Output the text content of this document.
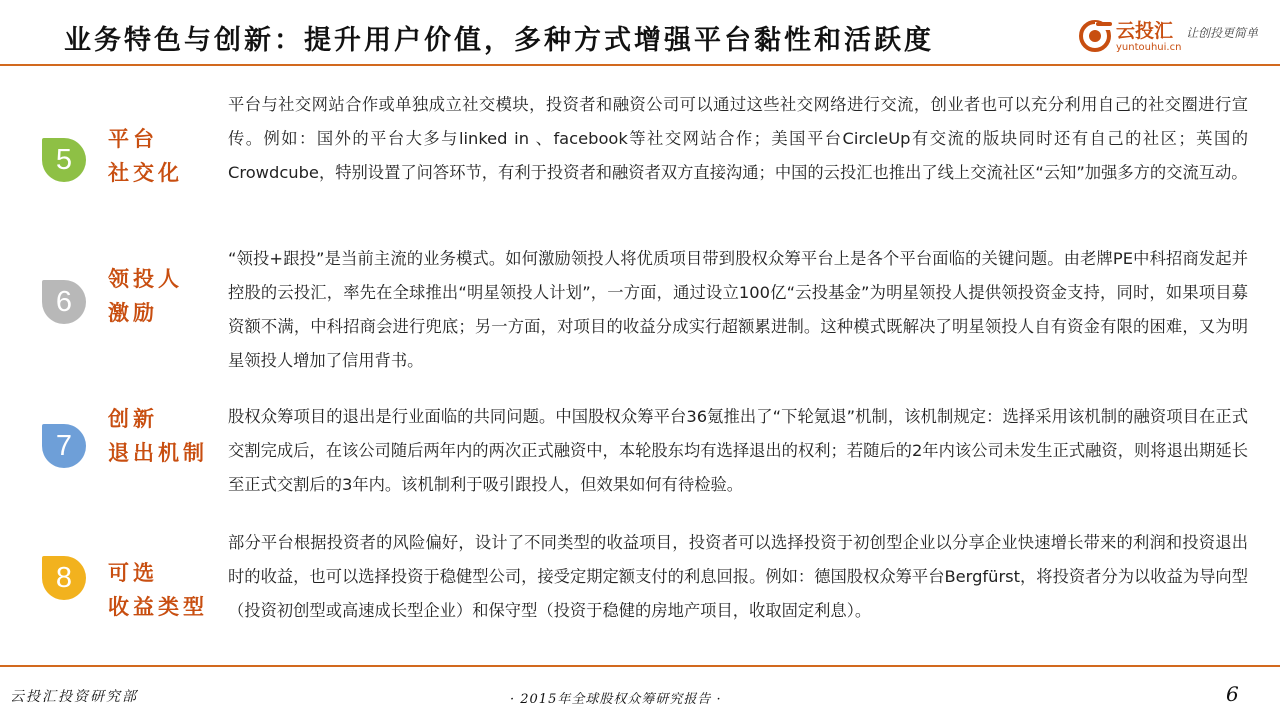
业务特色与创新：提升用户价值，多种方式增强平台黏性和活跃度	云投汇
yuntouhui.cn
让创投更简单
5
平台
社交化
平台与社交网站合作或单独成立社交模块，投资者和融资公司可以通过这些社交网络进行交流，创业者也可以充分利用自己的社交圈进行宣传。例如：国外的平台大多与linked in 、facebook等社交网站合作；美国平台CircleUp有交流的版块同时还有自己的社区；英国的Crowdcube，特别设置了问答环节，有利于投资者和融资者双方直接沟通；中国的云投汇也推出了线上交流社区“云知”加强多方的交流互动。
6
领投人
激励
“领投+跟投”是当前主流的业务模式。如何激励领投人将优质项目带到股权众筹平台上是各个平台面临的关键问题。由老牌PE中科招商发起并控股的云投汇，率先在全球推出“明星领投人计划”，一方面，通过设立100亿“云投基金”为明星领投人提供领投资金支持，同时，如果项目募资额不满，中科招商会进行兜底；另一方面，对项目的收益分成实行超额累进制。这种模式既解决了明星领投人自有资金有限的困难，又为明星领投人增加了信用背书。
7
创新
退出机制
股权众筹项目的退出是行业面临的共同问题。中国股权众筹平台36氪推出了“下轮氪退”机制，该机制规定：选择采用该机制的融资项目在正式交割完成后，在该公司随后两年内的两次正式融资中，本轮股东均有选择退出的权利；若随后的2年内该公司未发生正式融资，则将退出期延长至正式交割后的3年内。该机制利于吸引跟投人，但效果如何有待检验。
8	可选
收益类型
部分平台根据投资者的风险偏好，设计了不同类型的收益项目，投资者可以选择投资于初创型企业以分享企业快速增长带来的利润和投资退出时的收益，也可以选择投资于稳健型公司，接受定期定额支付的利息回报。例如：德国股权众筹平台Bergfürst，将投资者分为以收益为导向型（投资初创型或高速成长型企业）和保守型（投资于稳健的房地产项目，收取固定利息）。
云投汇投资研究部	· 2015年全球股权众筹研究报告 ·	6
